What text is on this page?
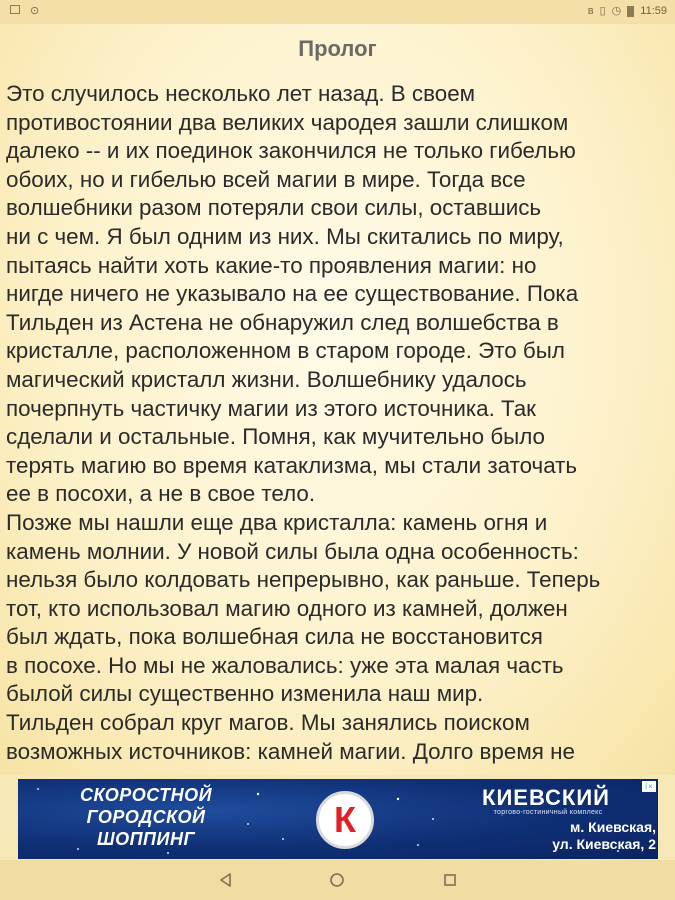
⊙	ʙ ▯ ◷ 11:59
Пролог
Это случилось несколько лет назад. В своем
противостоянии два великих чародея зашли слишком
далеко -- и их поединок закончился не только гибелью
обоих, но и гибелью всей магии в мире. Тогда все
волшебники разом потеряли свои силы, оставшись
ни с чем. Я был одним из них. Мы скитались по миру,
пытаясь найти хоть какие-то проявления магии: но
нигде ничего не указывало на ее существование. Пока
Тильден из Астена не обнаружил след волшебства в
кристалле, расположенном в старом городе. Это был
магический кристалл жизни. Волшебнику удалось
почерпнуть частичку магии из этого источника. Так
сделали и остальные. Помня, как мучительно было
терять магию во время катаклизма, мы стали заточать
ее в посохи, а не в свое тело.
Позже мы нашли еще два кристалла: камень огня и
камень молнии. У новой силы была одна особенность:
нельзя было колдовать непрерывно, как раньше. Теперь
тот, кто использовал магию одного из камней, должен
был ждать, пока волшебная сила не восстановится
в посохе. Но мы не жаловались: уже эта малая часть
былой силы существенно изменила наш мир.
Тильден собрал круг магов. Мы занялись поиском
возможных источников: камней магии. Долго время не
СКОРОСТНОЙ
ГОРОДСКОЙ
ШОППИНГ	К
КИЕВСКИЙ
торгово-гостиничный комплекс
м. Киевская,
ул. Киевская, 2
i ×
